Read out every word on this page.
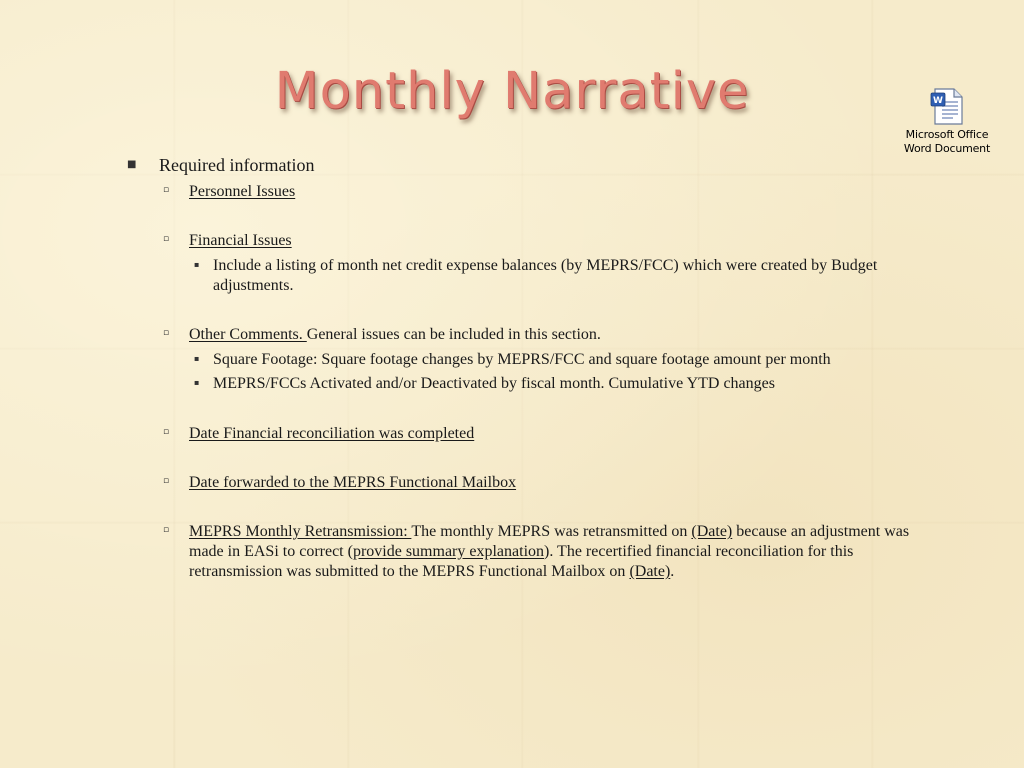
Monthly Narrative	W
Microsoft Office
Word Document
■ Required information
▫ Personnel Issues
▫ Financial Issues
▪ Include a listing of month net credit expense balances (by MEPRS/FCC) which were created by Budget adjustments.
▫ Other Comments. General issues can be included in this section.
▪ Square Footage: Square footage changes by MEPRS/FCC and square footage amount per month
▪ MEPRS/FCCs Activated and/or Deactivated by fiscal month. Cumulative YTD changes
▫ Date Financial reconciliation was completed
▫ Date forwarded to the MEPRS Functional Mailbox
▫ MEPRS Monthly Retransmission: The monthly MEPRS was retransmitted on (Date) because an adjustment was made in EASi to correct (provide summary explanation). The recertified financial reconciliation for this retransmission was submitted to the MEPRS Functional Mailbox on (Date).
